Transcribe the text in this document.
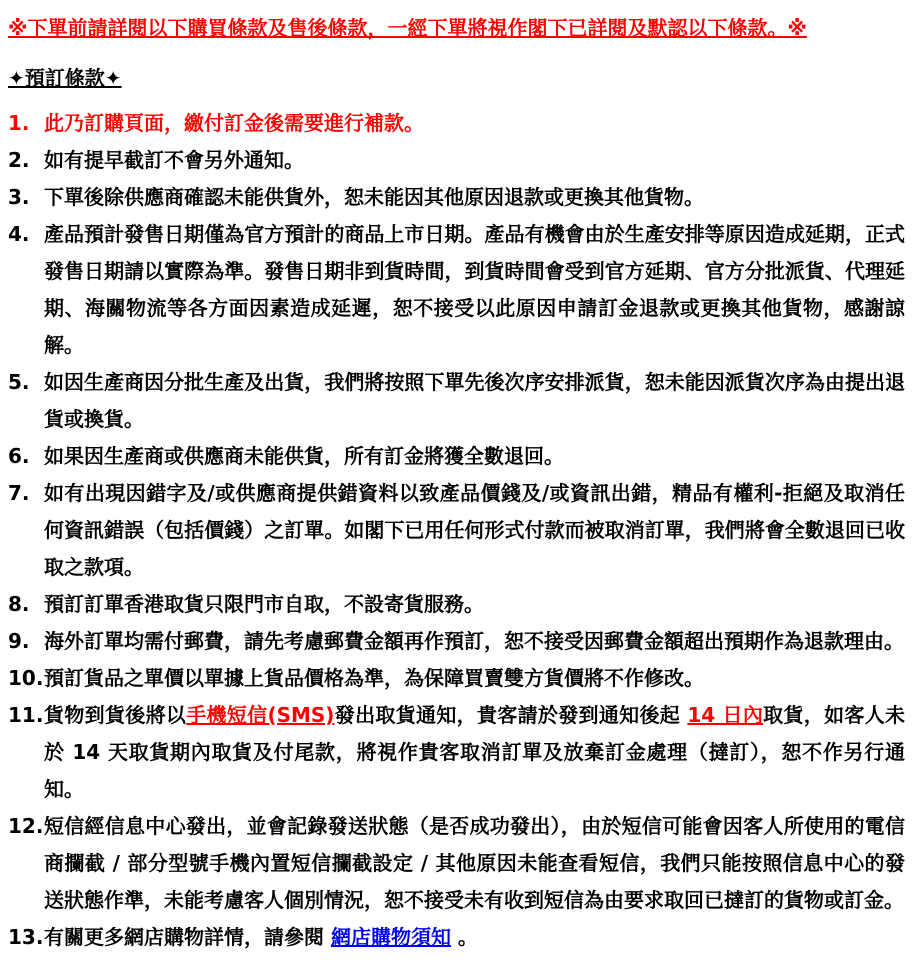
※下單前請詳閱以下購買條款及售後條款，一經下單將視作閣下已詳閱及默認以下條款。※
✦預訂條款✦
1. 此乃訂購頁面，繳付訂金後需要進行補款。
2. 如有提早截訂不會另外通知。
3. 下單後除供應商確認未能供貨外，恕未能因其他原因退款或更換其他貨物。
4. 產品預計發售日期僅為官方預計的商品上市日期。產品有機會由於生產安排等原因造成延期，正式發售日期請以實際為準。發售日期非到貨時間，到貨時間會受到官方延期、官方分批派貨、代理延期、海關物流等各方面因素造成延遲，恕不接受以此原因申請訂金退款或更換其他貨物，感謝諒解。
5. 如因生產商因分批生產及出貨，我們將按照下單先後次序安排派貨，恕未能因派貨次序為由提出退貨或換貨。
6. 如果因生產商或供應商未能供貨，所有訂金將獲全數退回。
7. 如有出現因錯字及/或供應商提供錯資料以致產品價錢及/或資訊出錯，精品有權利-拒絕及取消任何資訊錯誤（包括價錢）之訂單。如閣下已用任何形式付款而被取消訂單，我們將會全數退回已收取之款項。
8. 預訂訂單香港取貨只限門市自取，不設寄貨服務。
9. 海外訂單均需付郵費，請先考慮郵費金額再作預訂，恕不接受因郵費金額超出預期作為退款理由。
10. 預訂貨品之單價以單據上貨品價格為準，為保障買賣雙方貨價將不作修改。
11. 貨物到貨後將以手機短信(SMS)發出取貨通知，貴客請於發到通知後起 14 日內取貨，如客人未於 14 天取貨期內取貨及付尾款，將視作貴客取消訂單及放棄訂金處理（撻訂），恕不作另行通知。
12. 短信經信息中心發出，並會記錄發送狀態（是否成功發出），由於短信可能會因客人所使用的電信商攔截 / 部分型號手機內置短信攔截設定 / 其他原因未能查看短信，我們只能按照信息中心的發送狀態作準，未能考慮客人個別情況，恕不接受未有收到短信為由要求取回已撻訂的貨物或訂金。
13. 有關更多網店購物詳情，請參閱 網店購物須知 。
